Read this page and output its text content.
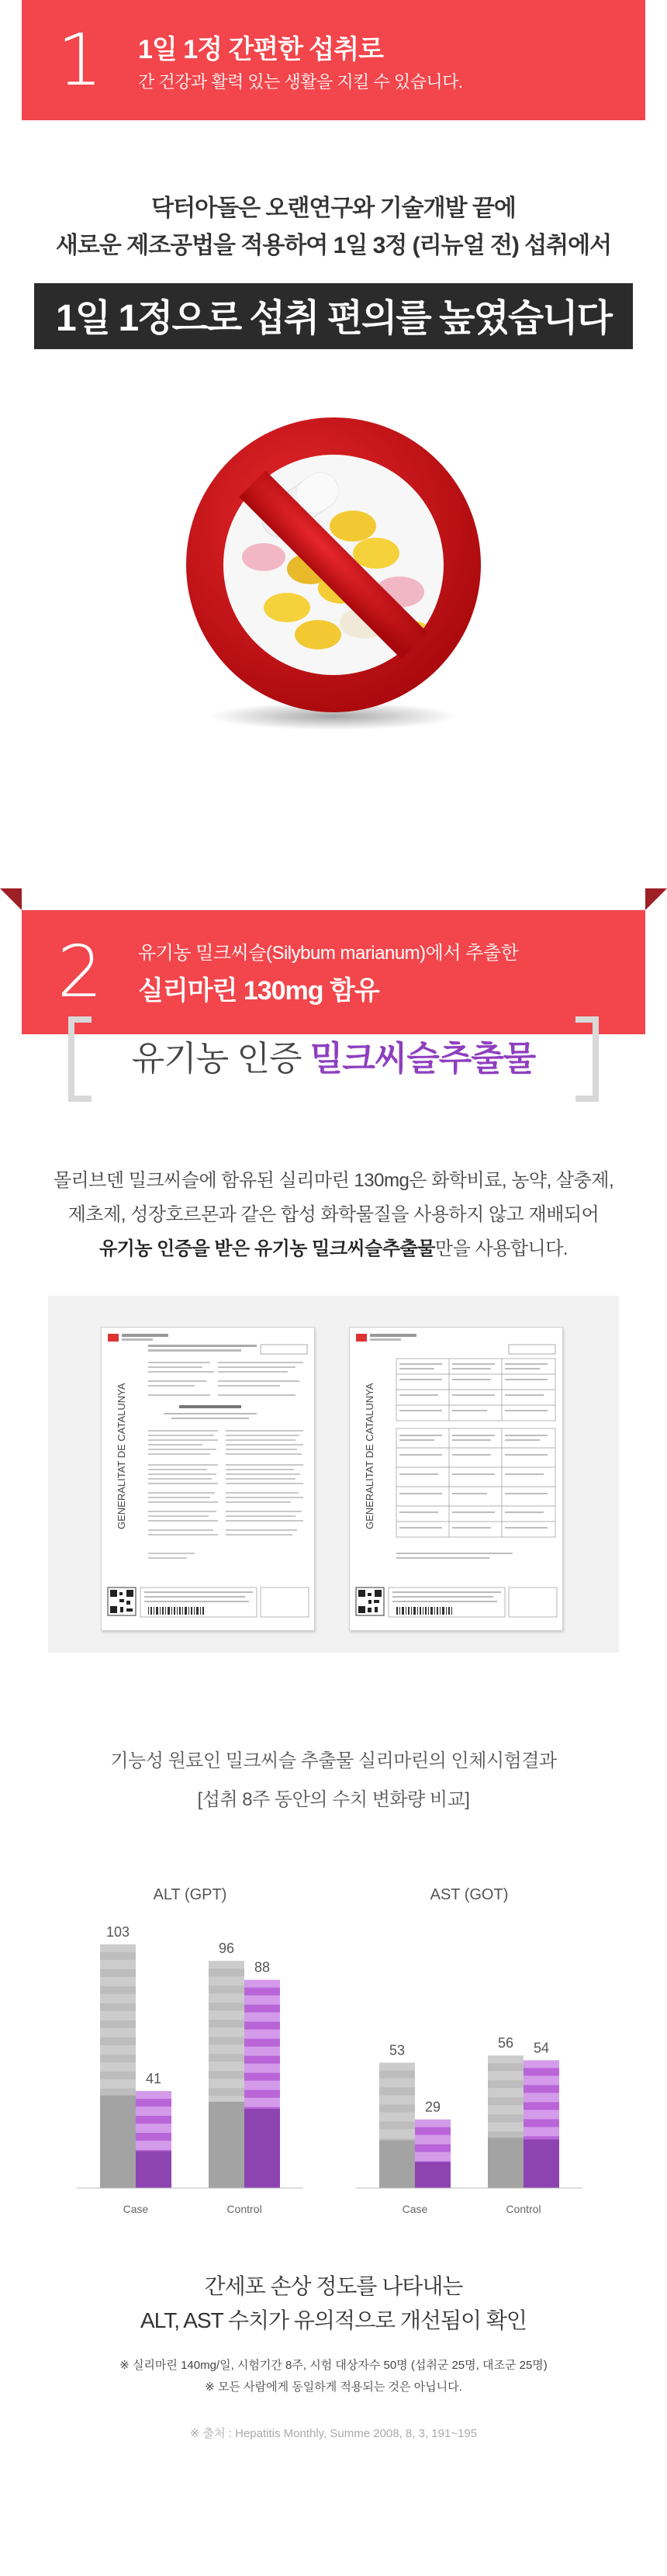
1	1일 1정 간편한 섭취로
간 건강과 활력 있는 생활을 지킬 수 있습니다.
닥터아돌은 오랜연구와 기술개발 끝에
새로운 제조공법을 적용하여 1일 3정 (리뉴얼 전) 섭취에서
1일 1정으로 섭취 편의를 높였습니다
2	유기농 밀크씨슬(Silybum marianum)에서 추출한
실리마린 130mg 함유
유기농 인증 밀크씨슬추출물
몰리브덴 밀크씨슬에 함유된 실리마린 130mg은 화학비료, 농약, 살충제,
제초제, 성장호르몬과 같은 합성 화학물질을 사용하지 않고 재배되어
유기농 인증을 받은 유기농 밀크씨슬추출물만을 사용합니다.
GENERALITAT DE CATALUNYA	GENERALITAT DE CATALUNYA
기능성 원료인 밀크씨슬 추출물 실리마린의 인체시험결과
[섭취 8주 동안의 수치 변화량 비교]
ALT (GPT)
103
41
Case
96
88
Control
AST (GOT)
53
29
Case
56 54
Control
간세포 손상 정도를 나타내는
ALT, AST 수치가 유의적으로 개선됨이 확인
※ 실리마린 140mg/일, 시험기간 8주, 시험 대상자수 50명 (섭취군 25명, 대조군 25명)
※ 모든 사람에게 동일하게 적용되는 것은 아닙니다.
※ 출처 : Hepatitis Monthly, Summe 2008, 8, 3, 191~195
